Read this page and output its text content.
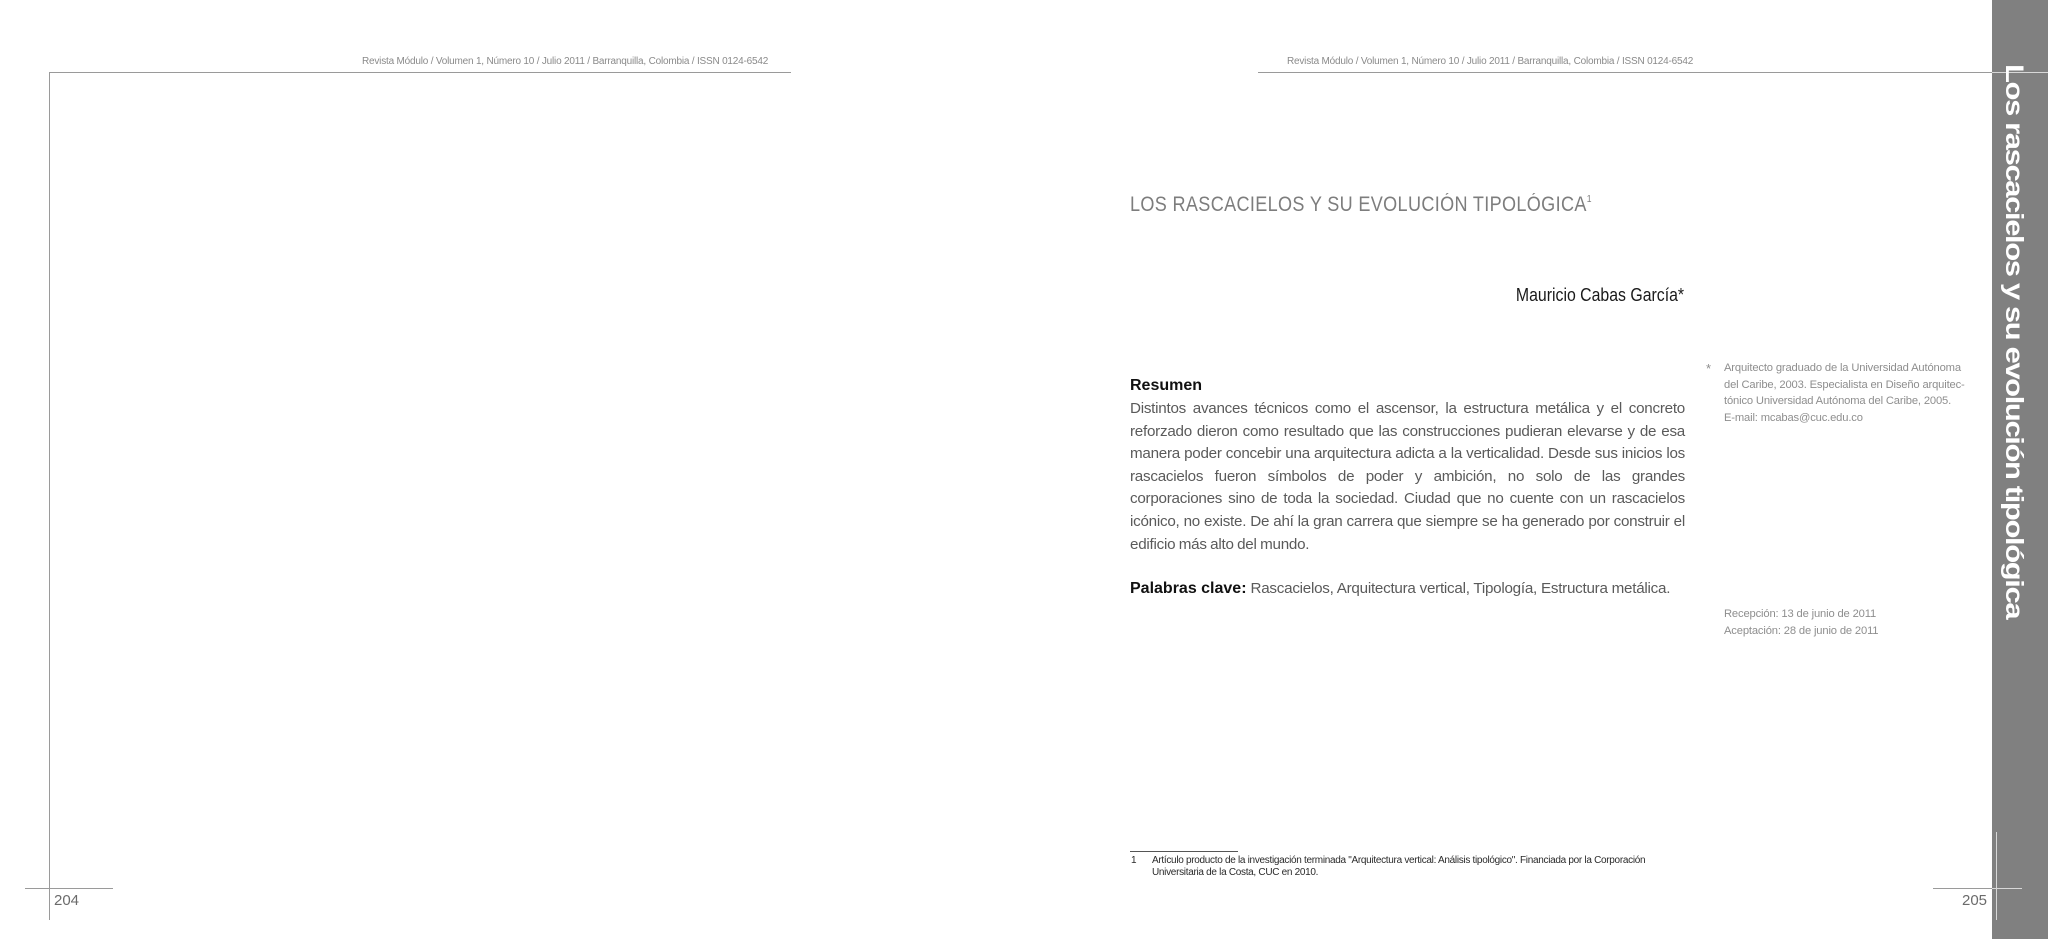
Revista Módulo / Volumen 1, Número 10 / Julio 2011 / Barranquilla, Colombia / ISSN 0124-6542
204
Revista Módulo / Volumen 1, Número 10 / Julio 2011 / Barranquilla, Colombia / ISSN 0124-6542
LOS RASCACIELOS Y SU EVOLUCIÓN TIPOLÓGICA$^1$
Mauricio Cabas García*
Resumen
Distintos avances técnicos como el ascensor, la estructura metálica y el concreto reforzado dieron como resultado que las construcciones pudieran elevarse y de esa manera poder concebir una arquitectura adicta a la verticalidad. Desde sus inicios los rascacielos fueron símbolos de poder y ambición, no solo de las grandes corporaciones sino de toda la sociedad. Ciudad que no cuente con un rascacielos icónico, no existe. De ahí la gran carrera que siempre se ha generado por construir el edificio más alto del mundo.
Palabras clave: Rascacielos, Arquitectura vertical, Tipología, Estructura metálica.
* Arquitecto graduado de la Universidad Autónoma
del Caribe, 2003. Especialista en Diseño arquitec-
tónico Universidad Autónoma del Caribe, 2005.
E-mail: mcabas@cuc.edu.co
Recepción: 13 de junio de 2011
Aceptación: 28 de junio de 2011
1 Artículo producto de la investigación terminada "Arquitectura vertical: Análisis tipológico". Financiada por la Corporación Universitaria de la Costa, CUC en 2010.
205
Los rascacielos y su evolución tipológica
